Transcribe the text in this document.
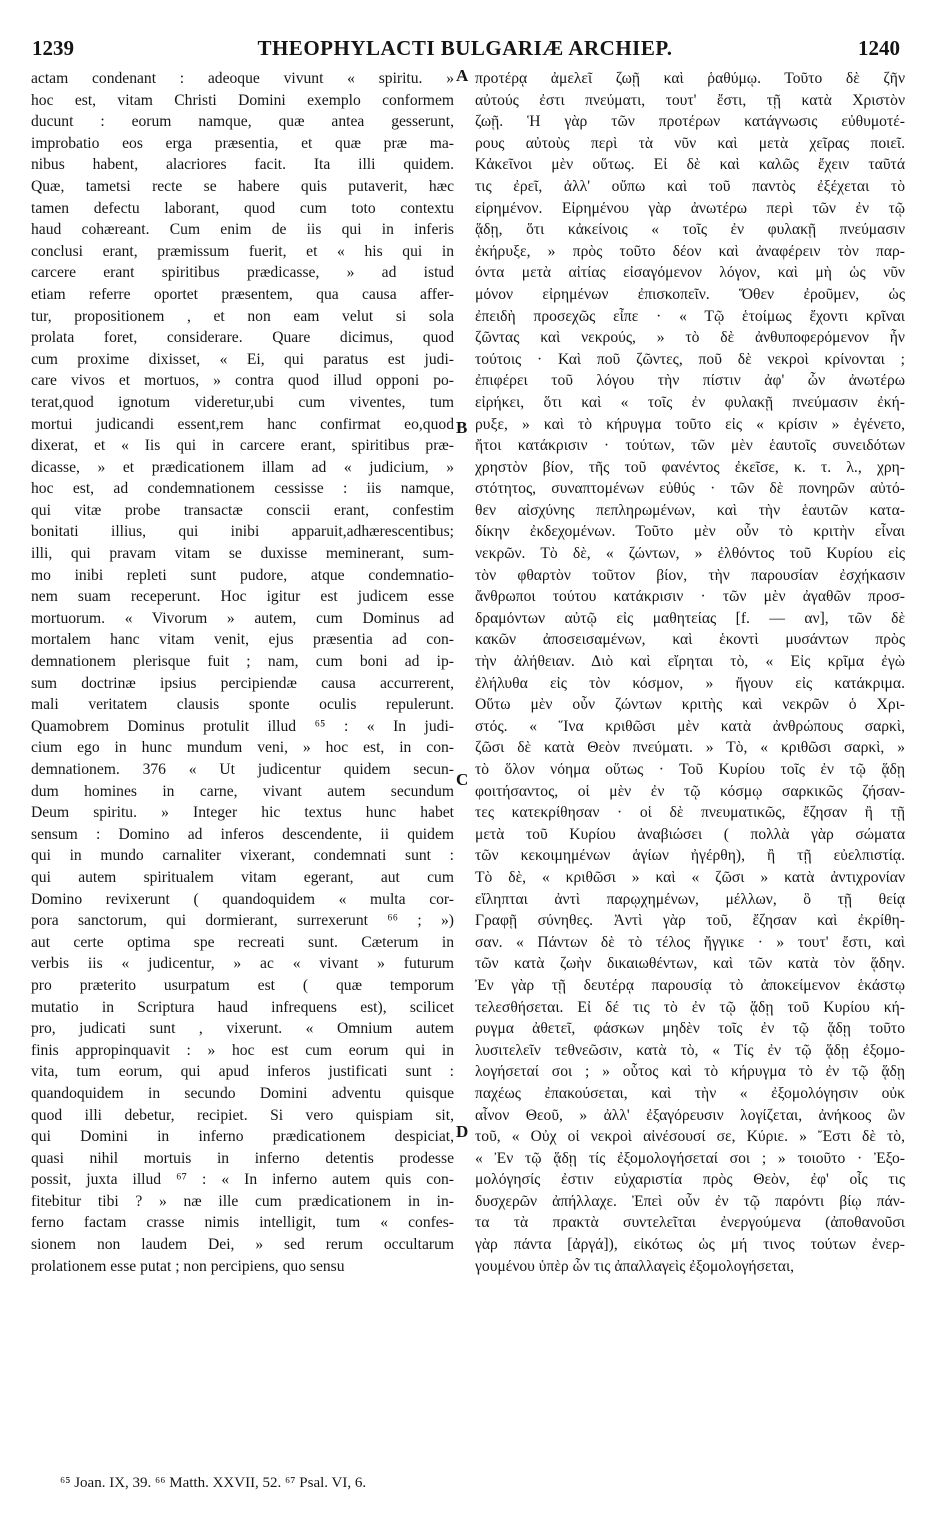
1239	THEOPHYLACTI BULGARIÆ ARCHIEP.	1240
actam condenant : adeoque vivunt « spiritu. »
hoc est, vitam Christi Domini exemplo conformem
ducunt : eorum namque, quæ antea gesserunt,
improbatio eos erga præsentia, et quæ præ ma-
nibus habent, alacriores facit. Ita illi quidem.
Quæ, tametsi recte se habere quis putaverit, hæc
tamen defectu laborant, quod cum toto contextu
haud cohæreant. Cum enim de iis qui in inferis
conclusi erant, præmissum fuerit, et « his qui in
carcere erant spiritibus prædicasse, » ad istud
etiam referre oportet præsentem, qua causa affer-
tur, propositionem , et non eam velut si sola
prolata foret, considerare. Quare dicimus, quod
cum proxime dixisset, « Ei, qui paratus est judi-
care vivos et mortuos, » contra quod illud opponi po-
terat,quod ignotum videretur,ubi cum viventes, tum
mortui judicandi essent,rem hanc confirmat eo,quod
dixerat, et « Iis qui in carcere erant, spiritibus præ-
dicasse, » et prædicationem illam ad « judicium, »
hoc est, ad condemnationem cessisse : iis namque,
qui vitæ probe transactæ conscii erant, confestim
bonitati illius, qui inibi apparuit,adhærescentibus;
illi, qui pravam vitam se duxisse meminerant, sum-
mo inibi repleti sunt pudore, atque condemnatio-
nem suam receperunt. Hoc igitur est judicem esse
mortuorum. « Vivorum » autem, cum Dominus ad
mortalem hanc vitam venit, ejus præsentia ad con-
demnationem plerisque fuit ; nam, cum boni ad ip-
sum doctrinæ ipsius percipiendæ causa accurrerent,
mali veritatem clausis sponte oculis repulerunt.
Quamobrem Dominus protulit illud ⁶⁵ : « In judi-
cium ego in hunc mundum veni, » hoc est, in con-
demnationem. 376 « Ut judicentur quidem secun-
dum homines in carne, vivant autem secundum
Deum spiritu. » Integer hic textus hunc habet
sensum : Domino ad inferos descendente, ii quidem
qui in mundo carnaliter vixerant, condemnati sunt :
qui autem spiritualem vitam egerant, aut cum
Domino revixerunt ( quandoquidem « multa cor-
pora sanctorum, qui dormierant, surrexerunt ⁶⁶ ; »)
aut certe optima spe recreati sunt. Cæterum in
verbis iis « judicentur, » ac « vivant » futurum
pro præterito usurpatum est ( quæ temporum
mutatio in Scriptura haud infrequens est), scilicet
pro, judicati sunt , vixerunt. « Omnium autem
finis appropinquavit : » hoc est cum eorum qui in
vita, tum eorum, qui apud inferos justificati sunt :
quandoquidem in secundo Domini adventu quisque
quod illi debetur, recipiet. Si vero quispiam sit,
qui Domini in inferno prædicationem despiciat,
quasi nihil mortuis in inferno detentis prodesse
possit, juxta illud ⁶⁷ : « In inferno autem quis con-
fitebitur tibi ? » næ ille cum prædicationem in in-
ferno factam crasse nimis intelligit, tum « confes-
sionem non laudem Dei, » sed rerum occultarum
prolationem esse putat ; non percipiens, quo sensu
A
B
C
D
προτέρᾳ ἀμελεῖ ζωῇ καὶ ῥαθύμῳ. Τοῦτο δὲ ζῆν
αὐτούς ἐστι πνεύματι, τουτ' ἔστι, τῇ κατὰ Χριστὸν
ζωῇ. Ἡ γὰρ τῶν προτέρων κατάγνωσις εὐθυμοτέ-
ρους αὐτοὺς περὶ τὰ νῦν καὶ μετὰ χεῖρας ποιεῖ.
Κἀκεῖνοι μὲν οὕτως. Εἰ δὲ καὶ καλῶς ἔχειν ταῦτά
τις ἐρεῖ, ἀλλ' οὔπω καὶ τοῦ παντὸς ἐξέχεται τὸ
εἰρημένον. Εἰρημένου γὰρ ἀνωτέρω περὶ τῶν ἐν τῷ
ᾅδῃ, ὅτι κἀκείνοις « τοῖς ἐν φυλακῇ πνεύμασιν
ἐκήρυξε, » πρὸς τοῦτο δέον καὶ ἀναφέρειν τὸν παρ-
όντα μετὰ αἰτίας εἰσαγόμενον λόγον, καὶ μὴ ὡς νῦν
μόνον εἰρημένων ἐπισκοπεῖν. Ὅθεν ἐροῦμεν, ὡς
ἐπειδὴ προσεχῶς εἶπε · « Τῷ ἑτοίμως ἔχοντι κρῖναι
ζῶντας καὶ νεκρούς, » τὸ δὲ ἀνθυποφερόμενον ἦν
τούτοις · Καὶ ποῦ ζῶντες, ποῦ δὲ νεκροὶ κρίνονται ;
ἐπιφέρει τοῦ λόγου τὴν πίστιν ἀφ' ὧν ἀνωτέρω
εἰρήκει, ὅτι καὶ « τοῖς ἐν φυλακῇ πνεύμασιν ἐκή-
ρυξε, » καὶ τὸ κήρυγμα τοῦτο εἰς « κρίσιν » ἐγένετο,
ἤτοι κατάκρισιν · τούτων, τῶν μὲν ἑαυτοῖς συνειδότων
χρηστὸν βίον, τῆς τοῦ φανέντος ἐκεῖσε, κ. τ. λ., χρη-
στότητος, συναπτομένων εὐθύς · τῶν δὲ πονηρῶν αὐτό-
θεν αἰσχύνης πεπληρωμένων, καὶ τὴν ἑαυτῶν κατα-
δίκην ἐκδεχομένων. Τοῦτο μὲν οὖν τὸ κριτὴν εἶναι
νεκρῶν. Τὸ δὲ, « ζώντων, » ἐλθόντος τοῦ Κυρίου εἰς
τὸν φθαρτὸν τοῦτον βίον, τὴν παρουσίαν ἐσχήκασιν
ἄνθρωποι τούτου κατάκρισιν · τῶν μὲν ἀγαθῶν προσ-
δραμόντων αὐτῷ εἰς μαθητείας [f. — αν], τῶν δὲ
κακῶν ἀποσεισαμένων, καὶ ἑκοντὶ μυσάντων πρὸς
τὴν ἀλήθειαν. Διὸ καὶ εἴρηται τὸ, « Εἰς κρῖμα ἐγὼ
ἐλήλυθα εἰς τὸν κόσμον, » ἤγουν εἰς κατάκριμα.
Οὕτω μὲν οὖν ζώντων κριτὴς καὶ νεκρῶν ὁ Χρι-
στός. « Ἵνα κριθῶσι μὲν κατὰ ἀνθρώπους σαρκὶ,
ζῶσι δὲ κατὰ Θεὸν πνεύματι. » Τὸ, « κριθῶσι σαρκὶ, »
τὸ ὅλον νόημα οὕτως · Τοῦ Κυρίου τοῖς ἐν τῷ ᾅδῃ
φοιτήσαντος, οἱ μὲν ἐν τῷ κόσμῳ σαρκικῶς ζήσαν-
τες κατεκρίθησαν · οἱ δὲ πνευματικῶς, ἔζησαν ἢ τῇ
μετὰ τοῦ Κυρίου ἀναβιώσει ( πολλὰ γὰρ σώματα
τῶν κεκοιμημένων ἁγίων ἠγέρθη), ἢ τῇ εὐελπιστίᾳ.
Τὸ δὲ, « κριθῶσι » καὶ « ζῶσι » κατὰ ἀντιχρονίαν
εἴληπται ἀντὶ παρῳχημένων, μέλλων, ὃ τῇ θείᾳ
Γραφῇ σύνηθες. Ἀντὶ γὰρ τοῦ, ἔζησαν καὶ ἐκρίθη-
σαν. « Πάντων δὲ τὸ τέλος ἤγγικε · » τουτ' ἔστι, καὶ
τῶν κατὰ ζωὴν δικαιωθέντων, καὶ τῶν κατὰ τὸν ᾅδην.
Ἐν γὰρ τῇ δευτέρᾳ παρουσίᾳ τὸ ἀποκείμενον ἑκάστῳ
τελεσθήσεται. Εἰ δέ τις τὸ ἐν τῷ ᾅδῃ τοῦ Κυρίου κή-
ρυγμα ἀθετεῖ, φάσκων μηδὲν τοῖς ἐν τῷ ᾅδῃ τοῦτο
λυσιτελεῖν τεθνεῶσιν, κατὰ τὸ, « Τίς ἐν τῷ ᾅδῃ ἐξομο-
λογήσεταί σοι ; » οὗτος καὶ τὸ κήρυγμα τὸ ἐν τῷ ᾅδῃ
παχέως ἐπακούσεται, καὶ τὴν « ἐξομολόγησιν οὐκ
αἶνον Θεοῦ, » ἀλλ' ἐξαγόρευσιν λογίζεται, ἀνήκοος ὢν
τοῦ, « Οὐχ οἱ νεκροὶ αἰνέσουσί σε, Κύριε. » Ἔστι δὲ τὸ,
« Ἐν τῷ ᾅδῃ τίς ἐξομολογήσεταί σοι ; » τοιοῦτο · Ἐξο-
μολόγησίς ἐστιν εὐχαριστία πρὸς Θεὸν, ἐφ' οἷς τις
δυσχερῶν ἀπήλλαχε. Ἐπεὶ οὖν ἐν τῷ παρόντι βίῳ πάν-
τα τὰ πρακτὰ συντελεῖται ἐνεργούμενα (ἀποθανοῦσι
γὰρ πάντα [ἀργά]), εἰκότως ὡς μή τινος τούτων ἐνερ-
γουμένου ὑπὲρ ὧν τις ἀπαλλαγεὶς ἐξομολογήσεται,
⁶⁵ Joan. IX, 39. ⁶⁶ Matth. XXVII, 52. ⁶⁷ Psal. VI, 6.
